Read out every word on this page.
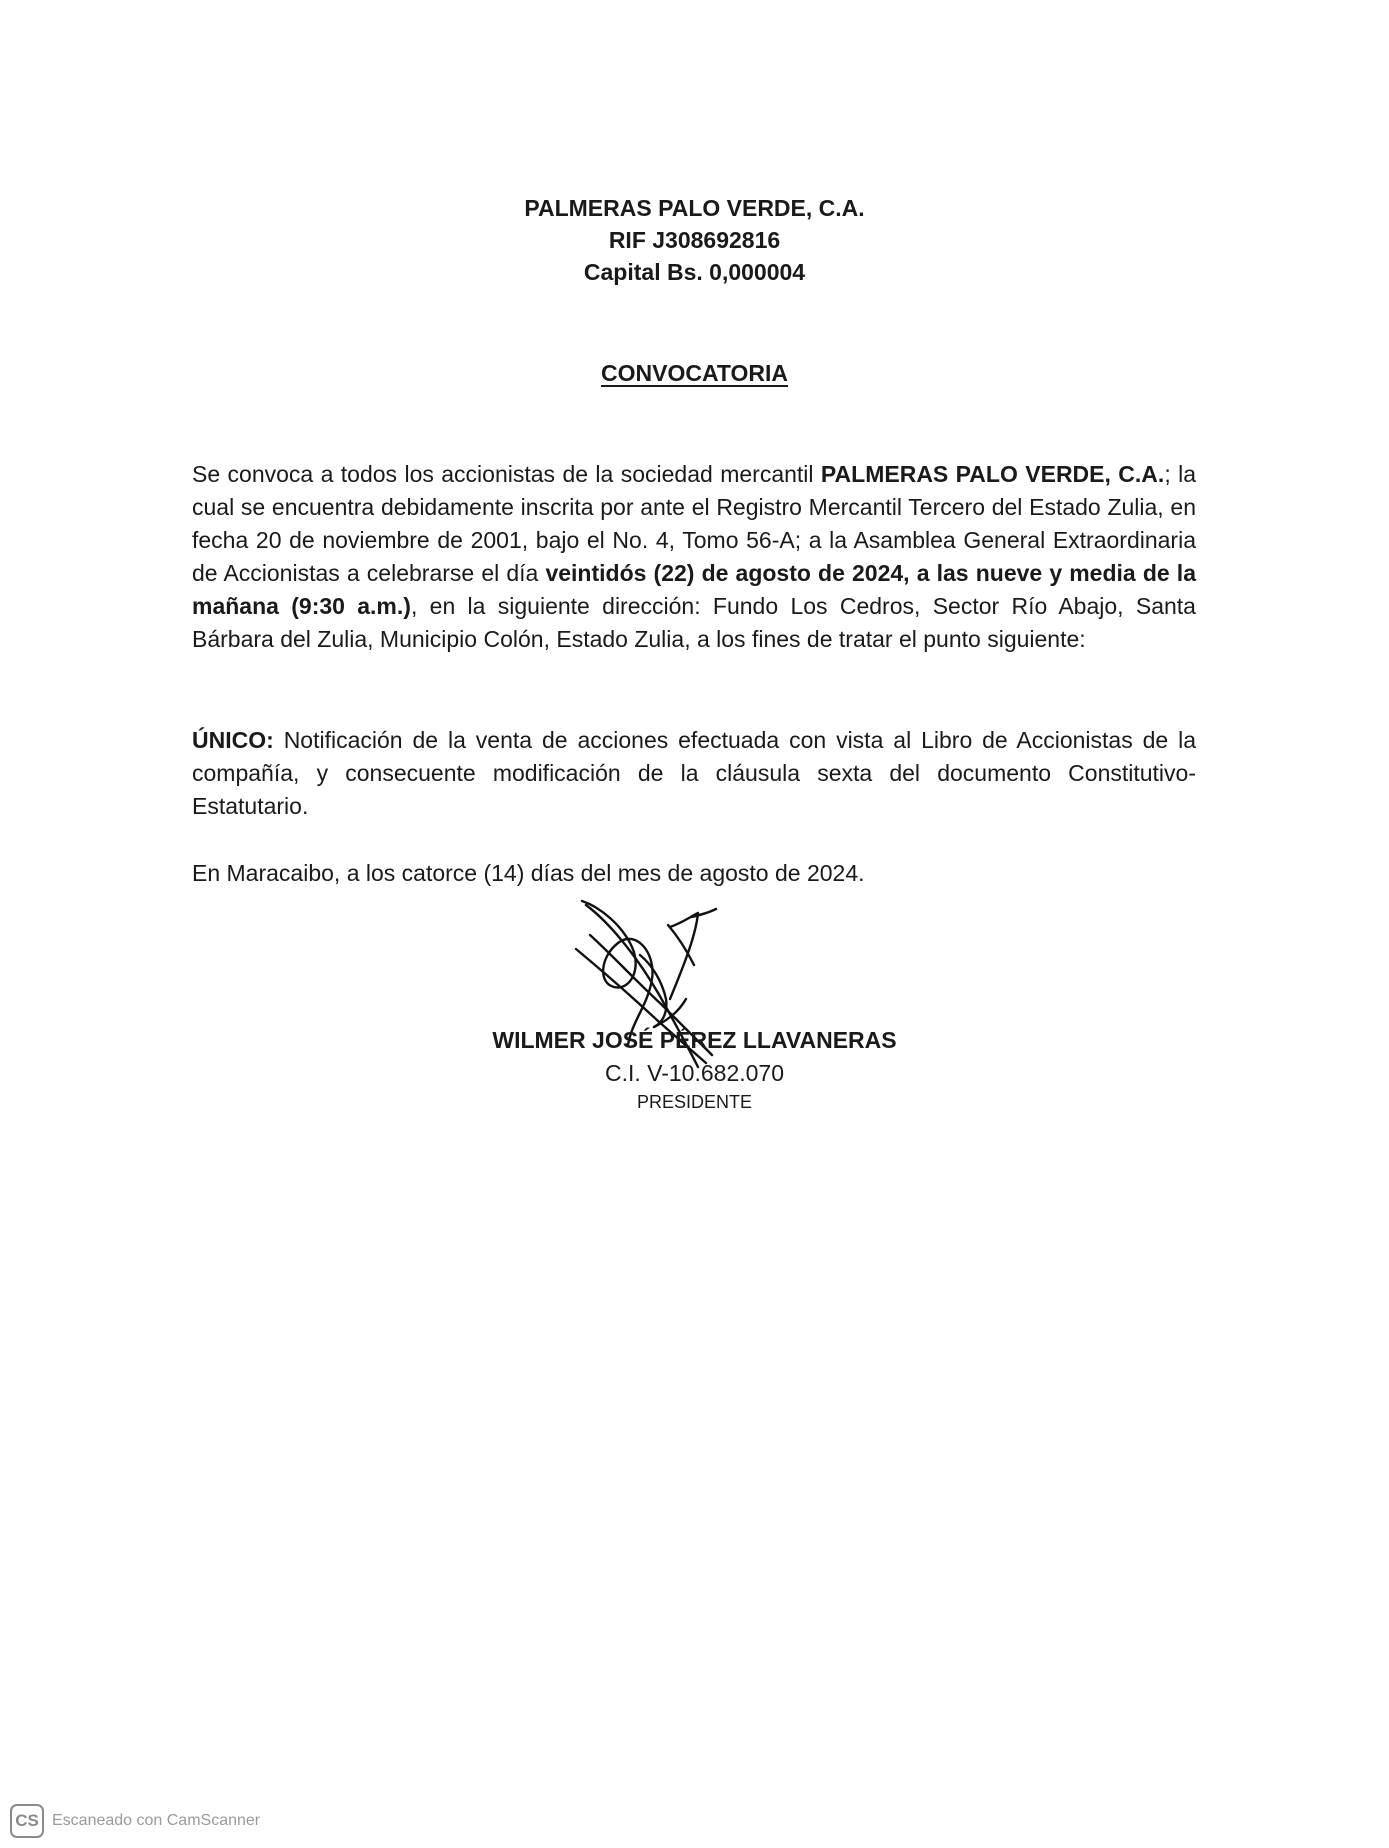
PALMERAS PALO VERDE, C.A.
RIF J308692816
Capital Bs. 0,000004
CONVOCATORIA
Se convoca a todos los accionistas de la sociedad mercantil PALMERAS PALO VERDE, C.A.; la cual se encuentra debidamente inscrita por ante el Registro Mercantil Tercero del Estado Zulia, en fecha 20 de noviembre de 2001, bajo el No. 4, Tomo 56-A; a la Asamblea General Extraordinaria de Accionistas a celebrarse el día veintidós (22) de agosto de 2024, a las nueve y media de la mañana (9:30 a.m.), en la siguiente dirección: Fundo Los Cedros, Sector Río Abajo, Santa Bárbara del Zulia, Municipio Colón, Estado Zulia, a los fines de tratar el punto siguiente:
ÚNICO: Notificación de la venta de acciones efectuada con vista al Libro de Accionistas de la compañía, y consecuente modificación de la cláusula sexta del documento Constitutivo-Estatutario.
En Maracaibo, a los catorce (14) días del mes de agosto de 2024.
WILMER JOSÉ PÉREZ LLAVANERAS
C.I. V-10.682.070
PRESIDENTE
CS Escaneado con CamScanner
